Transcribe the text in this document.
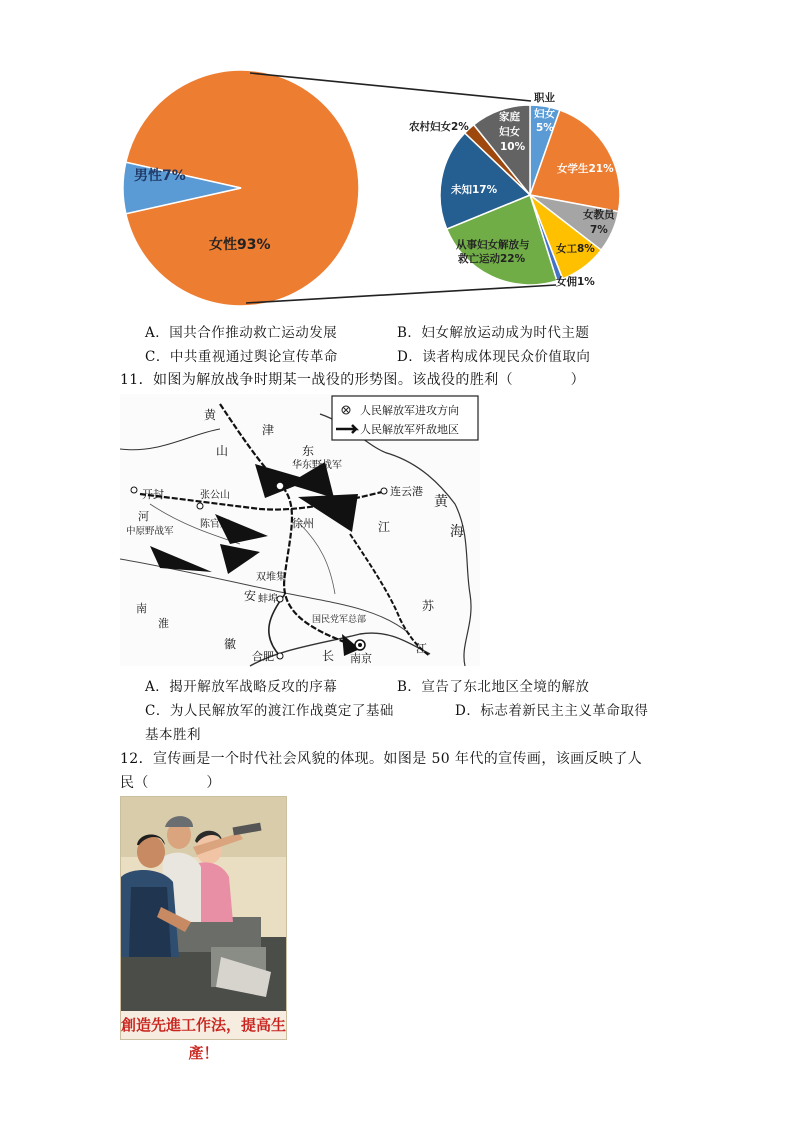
男性7%
女性93%
职业
妇女
5%
女学生21%
女教员
7%
女工8%
女佣1%
从事妇女解放与
救亡运动22%
未知17%
农村妇女2%
家庭
妇女
10%
A．国共合作推动救亡运动发展	B．妇女解放运动成为时代主题
C．中共重视通过舆论宣传革命	D．读者构成体现民众价值取向
11．如图为解放战争时期某一战役的形势图。该战役的胜利（　　　　）
人民解放军进攻方向
人民解放军歼敌地区
黄
山	东
津
华东野战军
连云港
黄
海
开封
河
张公山
陈官庄	徐州	江
中原野战军
双堆集
安 蚌埠	苏
南
淮
徽
合肥	长 南京
江
国民党军总部
A．揭开解放军战略反攻的序幕	B．宣告了东北地区全境的解放
C．为人民解放军的渡江作战奠定了基础	D．标志着新民主主义革命取得
基本胜利
12．宣传画是一个时代社会风貌的体现。如图是 50 年代的宣传画，该画反映了人
民（　　　　）
創造先進工作法，提高生產！
